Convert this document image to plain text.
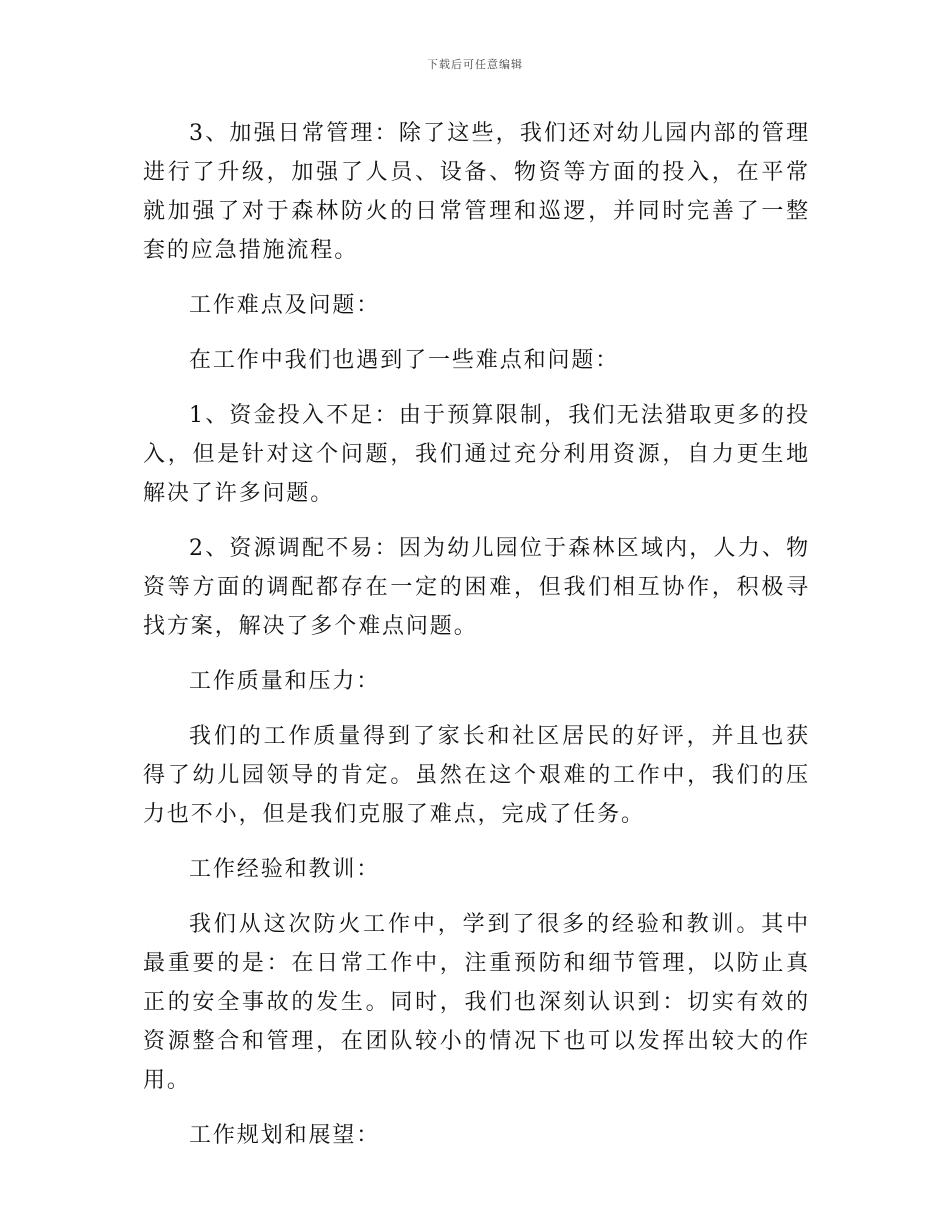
下载后可任意编辑

3、加强日常管理：除了这些，我们还对幼儿园内部的管理进行了升级，加强了人员、设备、物资等方面的投入，在平常就加强了对于森林防火的日常管理和巡逻，并同时完善了一整套的应急措施流程。

工作难点及问题：

在工作中我们也遇到了一些难点和问题：

1、资金投入不足：由于预算限制，我们无法猎取更多的投入，但是针对这个问题，我们通过充分利用资源，自力更生地解决了许多问题。

2、资源调配不易：因为幼儿园位于森林区域内，人力、物资等方面的调配都存在一定的困难，但我们相互协作，积极寻找方案，解决了多个难点问题。

工作质量和压力：

我们的工作质量得到了家长和社区居民的好评，并且也获得了幼儿园领导的肯定。虽然在这个艰难的工作中，我们的压力也不小，但是我们克服了难点，完成了任务。

工作经验和教训：

我们从这次防火工作中，学到了很多的经验和教训。其中最重要的是：在日常工作中，注重预防和细节管理，以防止真正的安全事故的发生。同时，我们也深刻认识到：切实有效的资源整合和管理，在团队较小的情况下也可以发挥出较大的作用。

工作规划和展望：
